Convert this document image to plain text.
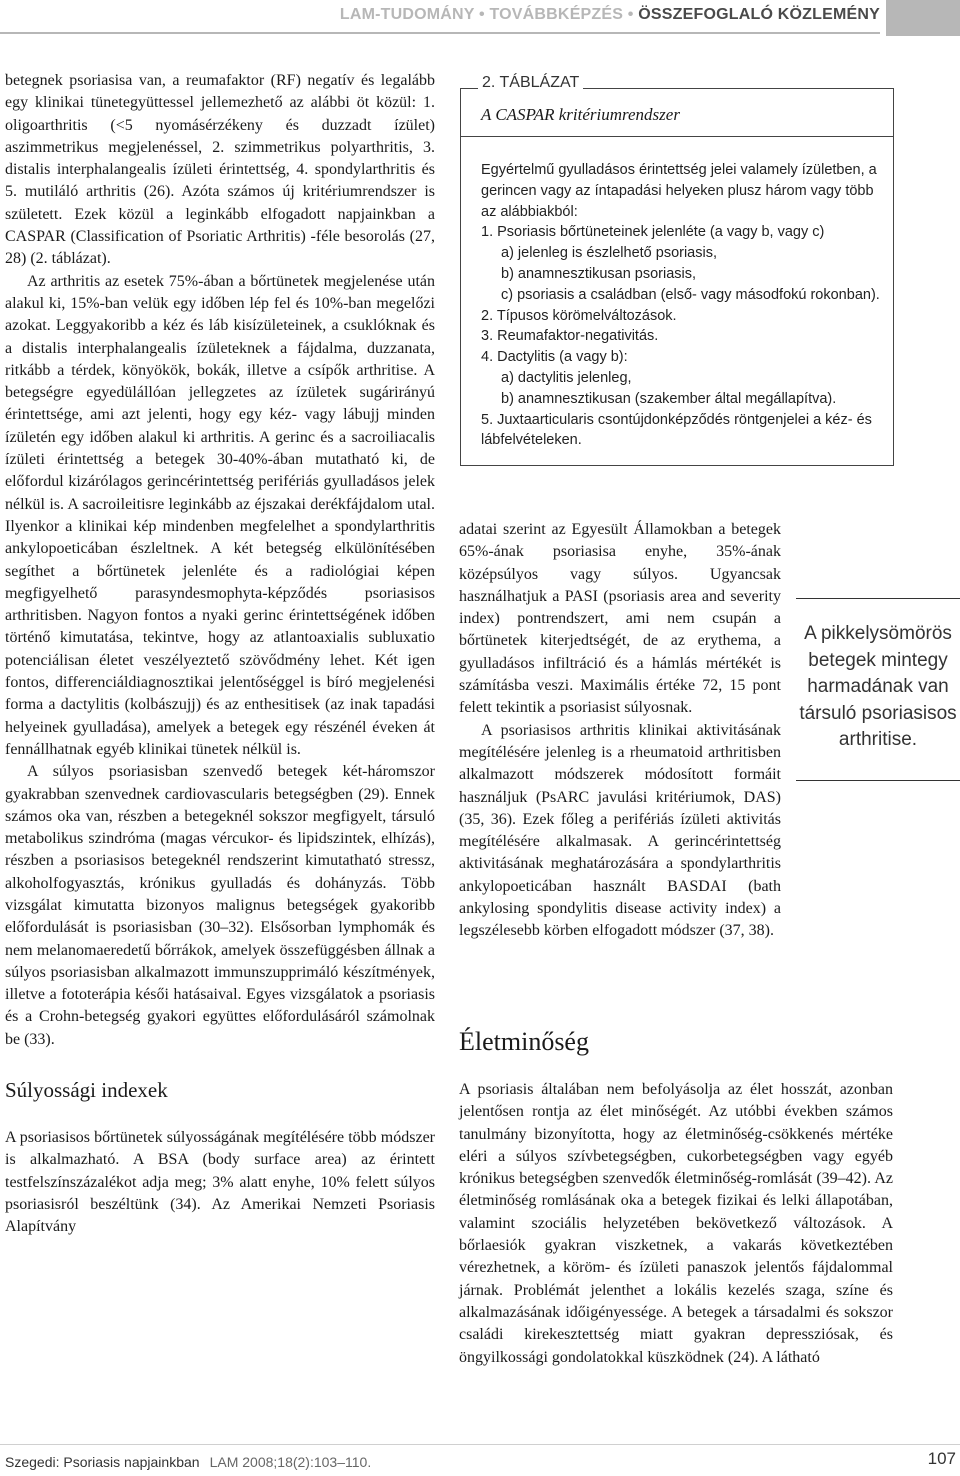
LAM-TUDOMÁNY • TOVÁBBKÉPZÉS • ÖSSZEFOGLALÓ KÖZLEMÉNY

betegnek psoriasisa van, a reumafaktor (RF) negatív és legalább egy klinikai tünetegyüttessel jellemezhető az alábbi öt közül: 1. oligoarthritis (<5 nyomásérzékeny és duzzadt ízület) aszimmetrikus megjelenéssel, 2. szimmetrikus polyarthritis, 3. distalis interphalangealis ízületi érintettség, 4. spondylarthritis és 5. mutiláló arthritis (26). Azóta számos új kritériumrendszer is született. Ezek közül a leginkább elfogadott napjainkban a CASPAR (Classification of Psoriatic Arthritis) -féle besorolás (27, 28) (2. táblázat).

Az arthritis az esetek 75%-ában a bőrtünetek megjelenése után alakul ki, 15%-ban velük egy időben lép fel és 10%-ban megelőzi azokat. Leggyakoribb a kéz és láb kisízületeinek, a csuklóknak és a distalis interphalangealis ízületeknek a fájdalma, duzzanata, ritkább a térdek, könyökök, bokák, illetve a csípők arthritise. A betegségre egyedülállóan jellegzetes az ízületek sugárirányú érintettsége, ami azt jelenti, hogy egy kéz- vagy lábujj minden ízületén egy időben alakul ki arthritis. A gerinc és a sacroiliacalis ízületi érintettség a betegek 30-40%-ában mutatható ki, de előfordul kizárólagos gerincérintettség perifériás gyulladásos jelek nélkül is. A sacroileitisre leginkább az éjszakai derékfájdalom utal. Ilyenkor a klinikai kép mindenben megfelelhet a spondylarthritis ankylopoeticában észleltnek. A két betegség elkülönítésében segíthet a bőrtünetek jelenléte és a radiológiai képen megfigyelhető parasyndesmophyta-képződés psoriasisos arthritisben. Nagyon fontos a nyaki gerinc érintettségének időben történő kimutatása, tekintve, hogy az atlantoaxialis subluxatio potenciálisan életet veszélyeztető szövődmény lehet. Két igen fontos, differenciáldiagnosztikai jelentőséggel is bíró megjelenési forma a dactylitis (kolbászujj) és az enthesitisek (az inak tapadási helyeinek gyulladása), amelyek a betegek egy részénél éveken át fennállhatnak egyéb klinikai tünetek nélkül is.

A súlyos psoriasisban szenvedő betegek két-háromszor gyakrabban szenvednek cardiovascularis betegségben (29). Ennek számos oka van, részben a betegeknél sokszor megfigyelt, társuló metabolikus szindróma (magas vércukor- és lipidszintek, elhízás), részben a psoriasisos betegeknél rendszerint kimutatható stressz, alkoholfogyasztás, krónikus gyulladás és dohányzás. Több vizsgálat kimutatta bizonyos malignus betegségek gyakoribb előfordulását is psoriasisban (30–32). Elsősorban lymphomák és nem melanomaeredetű bőrrákok, amelyek összefüggésben állnak a súlyos psoriasisban alkalmazott immunszupprimáló készítmények, illetve a fototerápia késői hatásaival. Egyes vizsgálatok a psoriasis és a Crohn-betegség gyakori együttes előfordulásáról számolnak be (33).

Súlyossági indexek

A psoriasisos bőrtünetek súlyosságának megítélésére több módszer is alkalmazható. A BSA (body surface area) az érintett testfelszínszázalékot adja meg; 3% alatt enyhe, 10% felett súlyos psoriasisról beszéltünk (34). Az Amerikai Nemzeti Psoriasis Alapítvány

2. TÁBLÁZAT
A CASPAR kritériumrendszer
Egyértelmű gyulladásos érintettség jelei valamely ízületben, a gerincen vagy az íntapadási helyeken plusz három vagy több az alábbiakból:
1. Psoriasis bőrtüneteinek jelenléte (a vagy b, vagy c)
a) jelenleg is észlelhető psoriasis,
b) anamnesztikusan psoriasis,
c) psoriasis a családban (első- vagy másodfokú rokonban).
2. Típusos körömelváltozások.
3. Reumafaktor-negativitás.
4. Dactylitis (a vagy b):
a) dactylitis jelenleg,
b) anamnesztikusan (szakember által megállapítva).
5. Juxtaarticularis csontújdonképződés röntgenjelei a kéz- és lábfelvételeken.

adatai szerint az Egyesült Államokban a betegek 65%-ának psoriasisa enyhe, 35%-ának középsúlyos vagy súlyos. Ugyancsak használhatjuk a PASI (psoriasis area and severity index) pontrendszert, ami nem csupán a bőrtünetek kiterjedtségét, de az erythema, a gyulladásos infiltráció és a hámlás mértékét is számításba veszi. Maximális értéke 72, 15 pont felett tekintik a psoriasist súlyosnak.

A psoriasisos arthritis klinikai aktivitásának megítélésére jelenleg is a rheumatoid arthritisben alkalmazott módszerek módosított formáit használjuk (PsARC javulási kritériumok, DAS) (35, 36). Ezek főleg a perifériás ízületi aktivitás megítélésére alkalmasak. A gerincérintettség aktivitásának meghatározására a spondylarthritis ankylopoeticában használt BASDAI (bath ankylosing spondylitis disease activity index) a legszélesebb körben elfogadott módszer (37, 38).

A pikkelysömörös betegek mintegy harmadának van társuló psoriasisos arthritise.
Életminőség

A psoriasis általában nem befolyásolja az élet hosszát, azonban jelentősen rontja az élet minőségét. Az utóbbi években számos tanulmány bizonyította, hogy az életminőség-csökkenés mértéke eléri a súlyos szívbetegségben, cukorbetegségben vagy egyéb krónikus betegségben szenvedők életminőség-romlását (39–42). Az életminőség romlásának oka a betegek fizikai és lelki állapotában, valamint szociális helyzetében bekövetkező változások. A bőrlaesiók gyakran viszketnek, a vakarás következtében vérezhetnek, a köröm- és ízületi panaszok jelentős fájdalommal járnak. Problémát jelenthet a lokális kezelés szaga, színe és alkalmazásának időigényessége. A betegek a társadalmi és sokszor családi kirekesztettség miatt gyakran depressziósak, és öngyilkossági gondolatokkal küszködnek (24). A látható

Szegedi: Psoriasis napjainkban LAM 2008;18(2):103–110.	107
